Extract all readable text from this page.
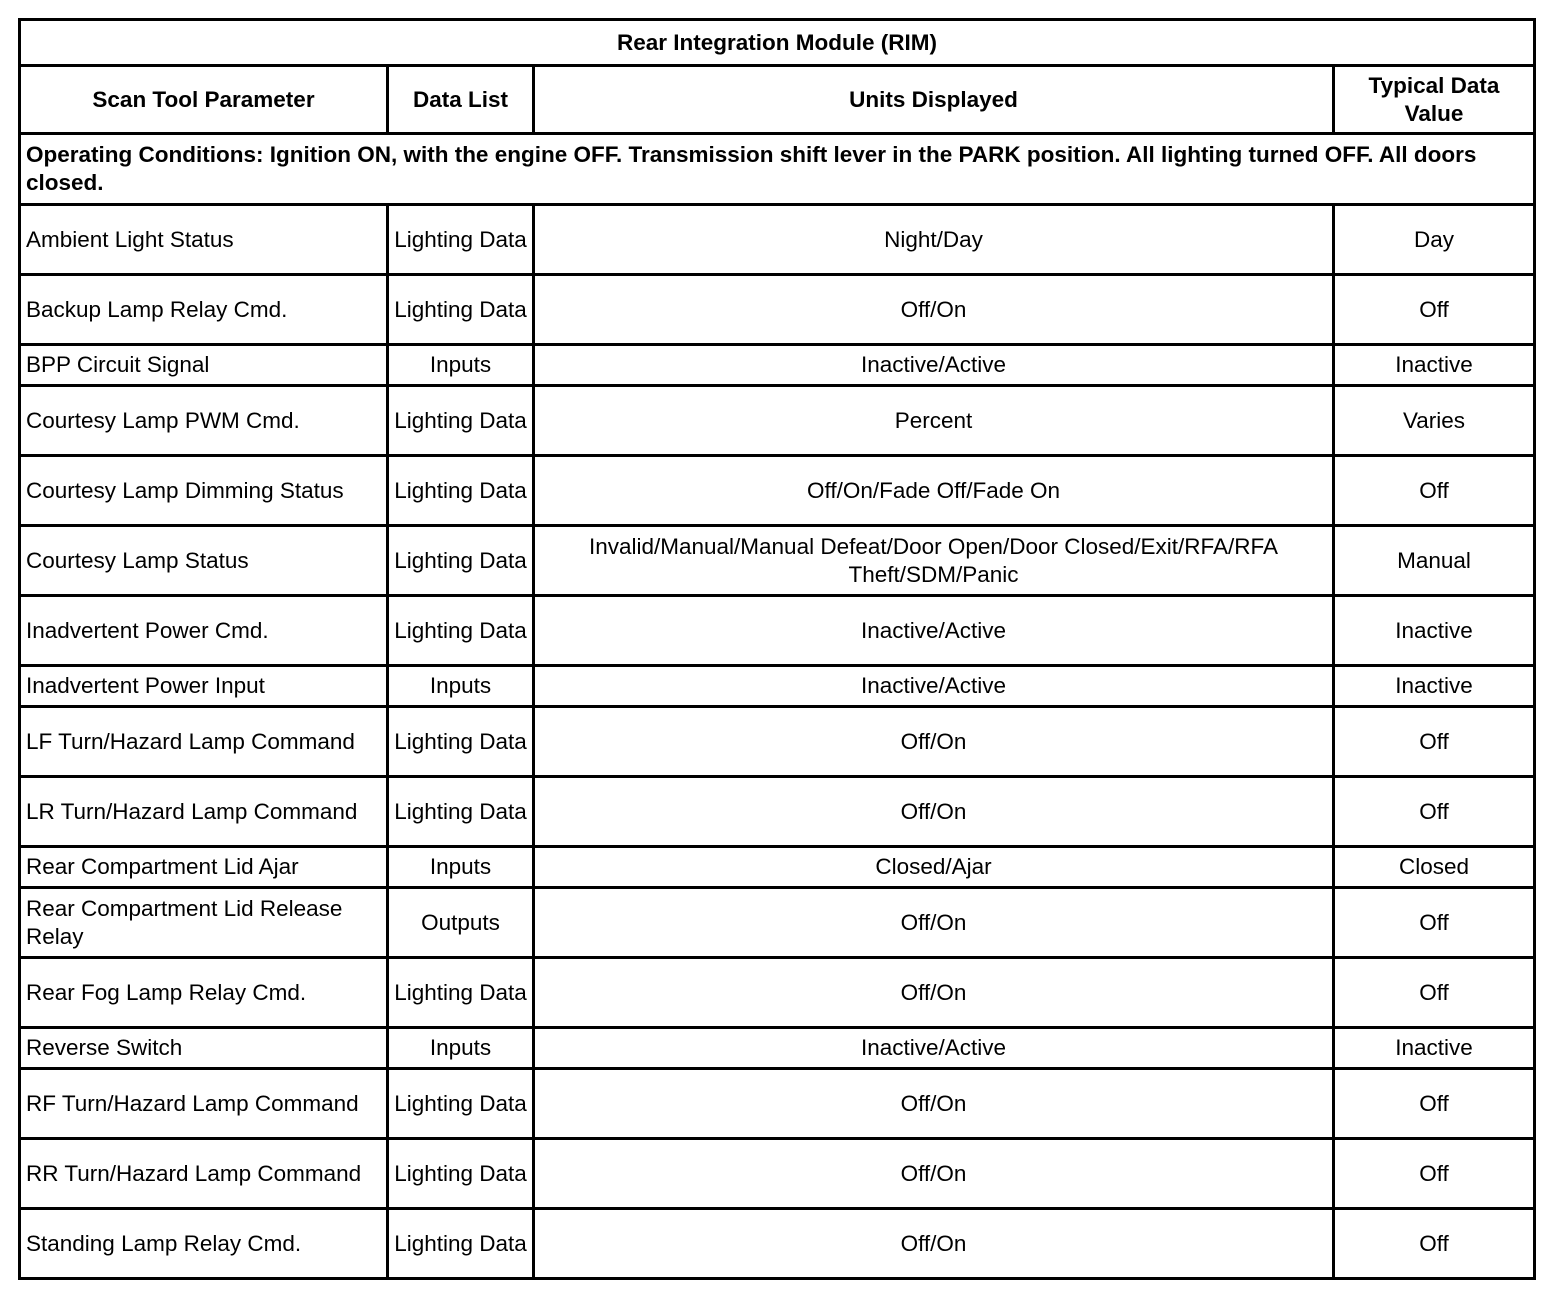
Rear Integration Module (RIM)			
Scan Tool Parameter	Data List	Units Displayed	Typical Data Value
Operating Conditions: Ignition ON, with the engine OFF. Transmission shift lever in the PARK position. All lighting turned OFF. All doors closed.			
Ambient Light Status	Lighting Data	Night/Day	Day
Backup Lamp Relay Cmd.	Lighting Data	Off/On	Off
BPP Circuit Signal	Inputs	Inactive/Active	Inactive
Courtesy Lamp PWM Cmd.	Lighting Data	Percent	Varies
Courtesy Lamp Dimming Status	Lighting Data	Off/On/Fade Off/Fade On	Off
Courtesy Lamp Status	Lighting Data	Invalid/Manual/Manual Defeat/Door Open/Door Closed/Exit/RFA/RFA Theft/SDM/Panic	Manual
Inadvertent Power Cmd.	Lighting Data	Inactive/Active	Inactive
Inadvertent Power Input	Inputs	Inactive/Active	Inactive
LF Turn/Hazard Lamp Command	Lighting Data	Off/On	Off
LR Turn/Hazard Lamp Command	Lighting Data	Off/On	Off
Rear Compartment Lid Ajar	Inputs	Closed/Ajar	Closed
Rear Compartment Lid Release Relay	Outputs	Off/On	Off
Rear Fog Lamp Relay Cmd.	Lighting Data	Off/On	Off
Reverse Switch	Inputs	Inactive/Active	Inactive
RF Turn/Hazard Lamp Command	Lighting Data	Off/On	Off
RR Turn/Hazard Lamp Command	Lighting Data	Off/On	Off
Standing Lamp Relay Cmd.	Lighting Data	Off/On	Off
